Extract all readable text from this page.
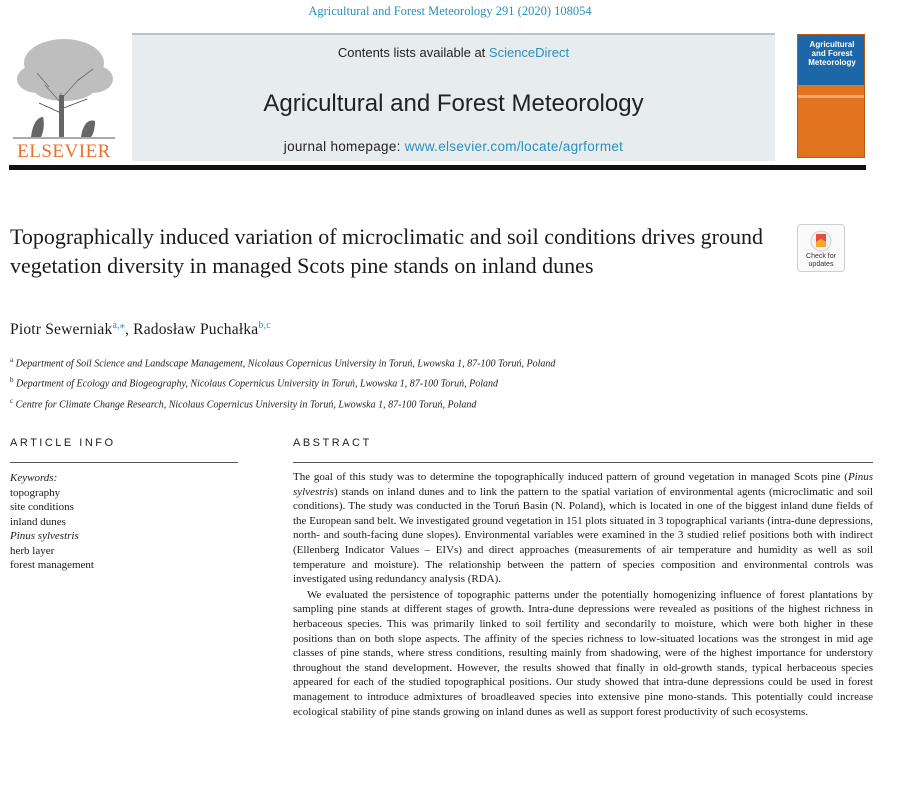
Agricultural and Forest Meteorology 291 (2020) 108054
ELSEVIER
Contents lists available at ScienceDirect
Agricultural and Forest Meteorology
journal homepage: www.elsevier.com/locate/agrformet
Agricultural and Forest Meteorology
Topographically induced variation of microclimatic and soil conditions drives ground vegetation diversity in managed Scots pine stands on inland dunes	Check for
updates
Piotr Sewerniak$^{a,⁎}$, Radosław Puchałka$^{b,c}$
$^a$ Department of Soil Science and Landscape Management, Nicolaus Copernicus University in Toruń, Lwowska 1, 87-100 Toruń, Poland
$^b$ Department of Ecology and Biogeography, Nicolaus Copernicus University in Toruń, Lwowska 1, 87-100 Toruń, Poland
$^c$ Centre for Climate Change Research, Nicolaus Copernicus University in Toruń, Lwowska 1, 87-100 Toruń, Poland
ARTICLE INFO	ABSTRACT
Keywords:
topography
site conditions
inland dunes
Pinus sylvestris
herb layer
forest management

The goal of this study was to determine the topographically induced pattern of ground vegetation in managed Scots pine (Pinus sylvestris) stands on inland dunes and to link the pattern to the spatial variation of environmental agents (microclimatic and soil conditions). The study was conducted in the Toruń Basin (N. Poland), which is located in one of the biggest inland dune fields of the European sand belt. We investigated ground vegetation in 151 plots situated in 3 topographical variants (intra-dune depressions, north- and south-facing dune slopes). Environmental variables were examined in the 3 studied relief positions both with indirect (Ellenberg Indicator Values – EIVs) and direct approaches (measurements of air temperature and humidity as well as soil temperature and moisture). The relationship between the pattern of species composition and environmental controls was investigated using redundancy analysis (RDA).

We evaluated the persistence of topographic patterns under the potentially homogenizing influence of forest plantations by sampling pine stands at different stages of growth. Intra-dune depressions were revealed as positions of the highest richness in herbaceous species. This was primarily linked to soil fertility and secondarily to moisture, which were both higher in these positions than on both slope aspects. The affinity of the species richness to low-situated locations was the strongest in mid age classes of pine stands, where stress conditions, resulting mainly from shadowing, were of the highest importance for understory throughout the stand development. However, the results showed that finally in old-growth stands, typical herbaceous species appeared for each of the studied topographical positions. Our study showed that intra-dune depressions could be used in forest management to introduce admixtures of broadleaved species into extensive pine mono-stands. This potentially could increase ecological stability of pine stands growing on inland dunes as well as support forest productivity of such ecosystems.
